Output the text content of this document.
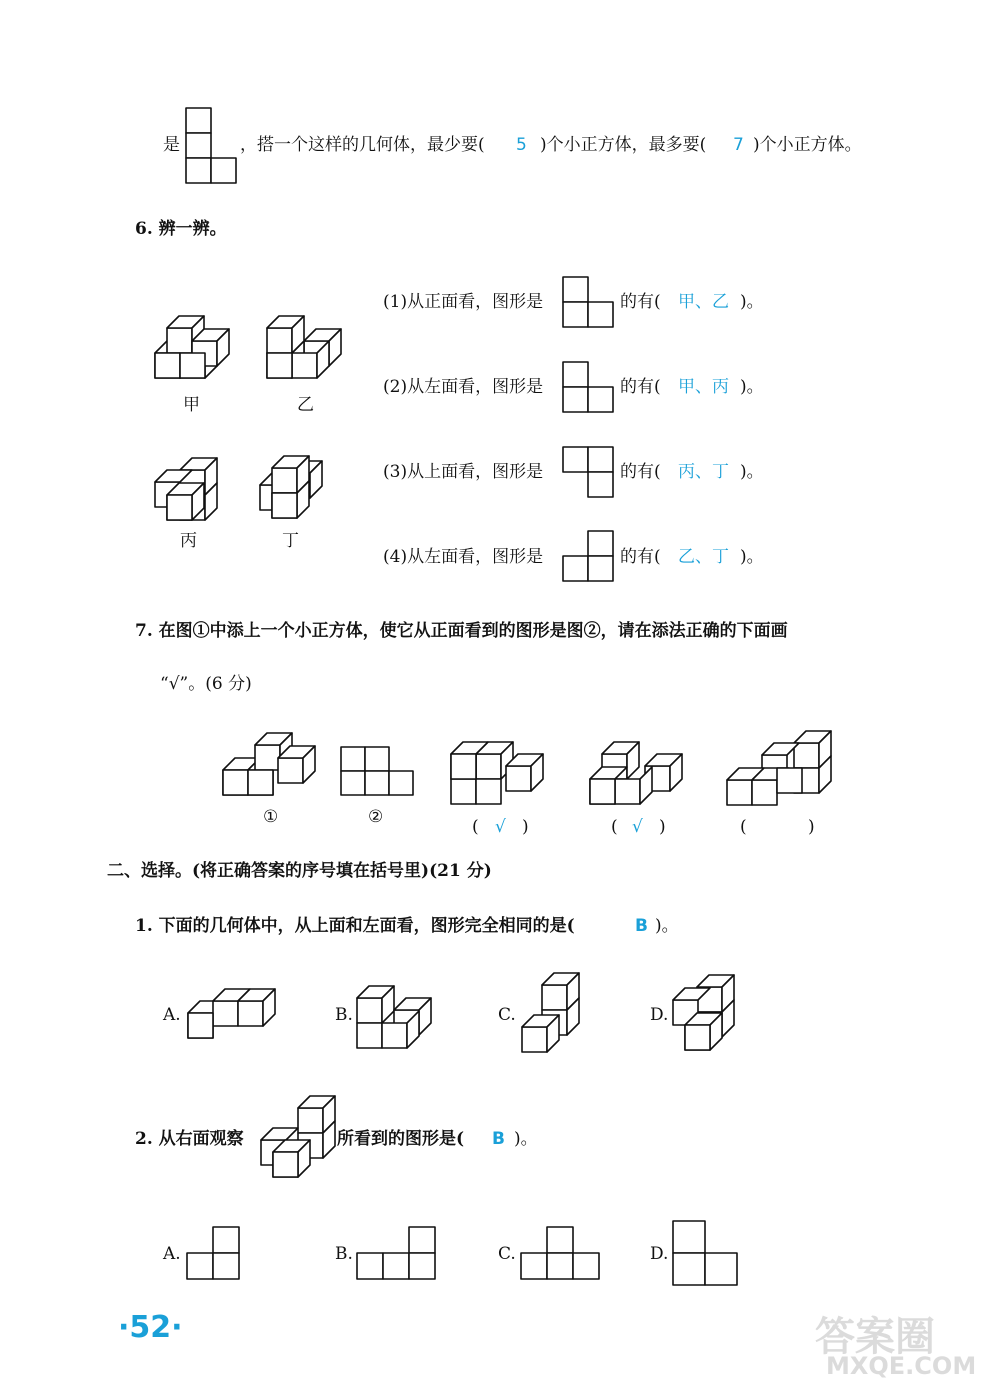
是	，搭一个这样的几何体，最少要( 5 )个小正方体，最多要( 7 )个小正方体。
6. 辨一辨。
甲	乙
丙	丁
(1)从正面看，图形是	的有( 甲、乙 )。
(2)从左面看，图形是	的有( 甲、丙 )。
(3)从上面看，图形是	的有( 丙、丁 )。
(4)从左面看，图形是	的有( 乙、丁 )。
7. 在图①中添上一个小正方体，使它从正面看到的图形是图②，请在添法正确的下面画
“√”。(6 分)
①	②	( √ )	( √ )	(	)
二、选择。(将正确答案的序号填在括号里)(21 分)
1. 下面的几何体中，从上面和左面看，图形完全相同的是(	B )。
A.	B.	C.	D.
2. 从右面观察	所看到的图形是( B )。
A.	B.	C.	D.
·52·	答案圈
MXQE.COM
